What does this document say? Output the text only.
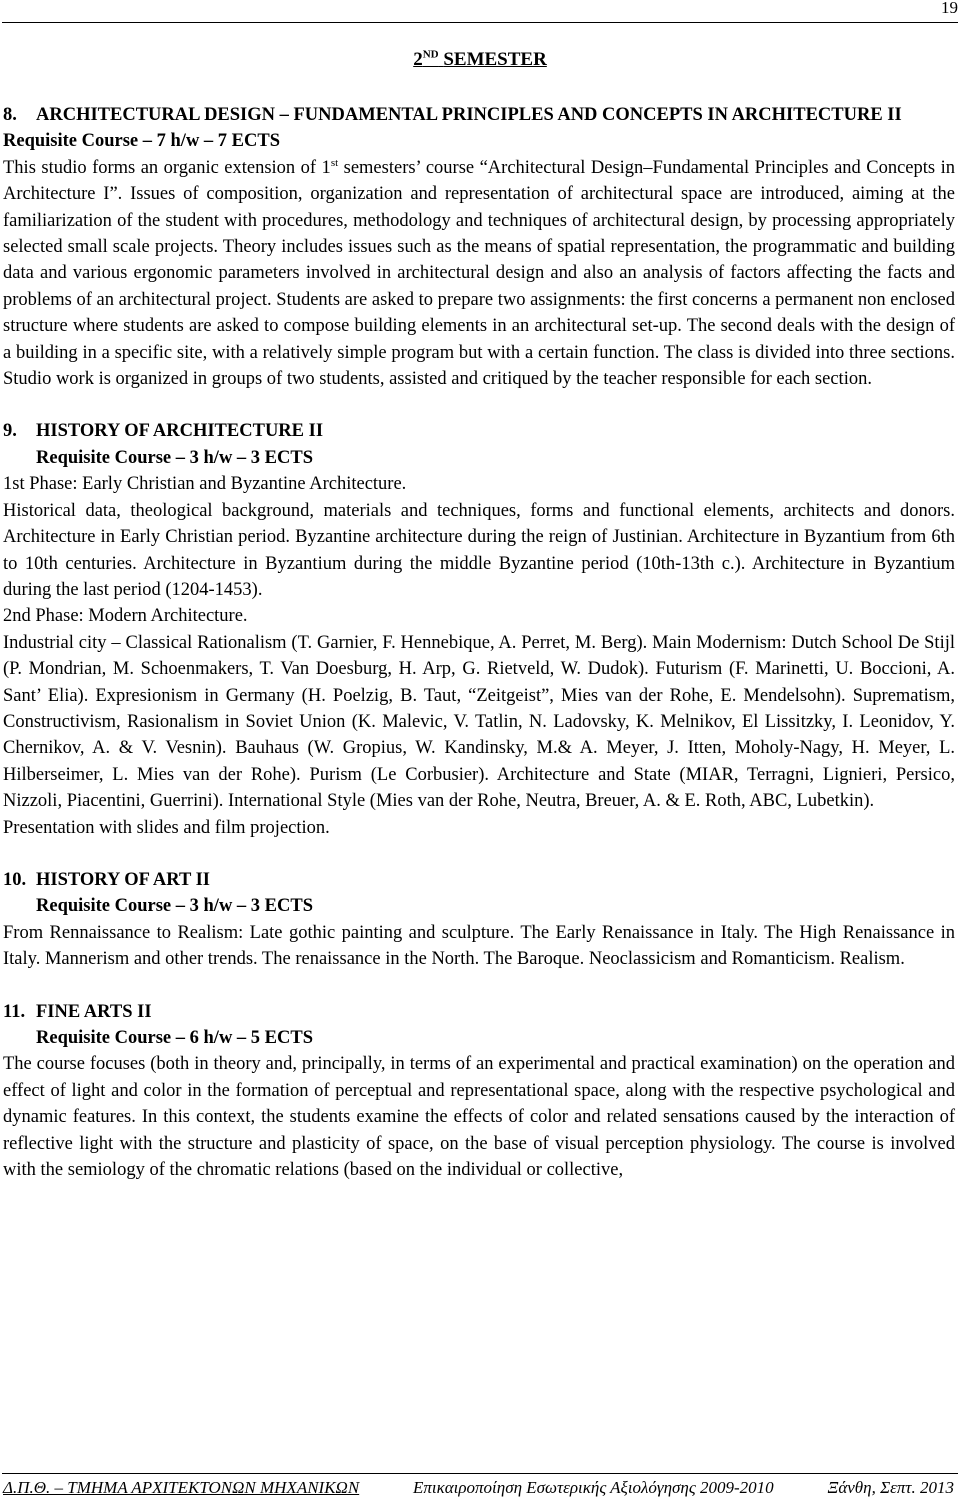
19
2ND SEMESTER
8. ARCHITECTURAL DESIGN – FUNDAMENTAL PRINCIPLES AND CONCEPTS IN ARCHITECTURE II
Requisite Course – 7 h/w – 7 ECTS

This studio forms an organic extension of 1st semesters’ course “Architectural Design–Fundamental Principles and Concepts in Architecture I”. Issues of composition, organization and representation of architectural space are introduced, aiming at the familiarization of the student with procedures, methodology and techniques of architectural design, by processing appropriately selected small scale projects. Theory includes issues such as the means of spatial representation, the programmatic and building data and various ergonomic parameters involved in architectural design and also an analysis of factors affecting the facts and problems of an architectural project. Students are asked to prepare two assignments: the first concerns a permanent non enclosed structure where students are asked to compose building elements in an architectural set-up. The second deals with the design of a building in a specific site, with a relatively simple program but with a certain function. The class is divided into three sections. Studio work is organized in groups of two students, assisted and critiqued by the teacher responsible for each section.

9. HISTORY OF ARCHITECTURE II
Requisite Course – 3 h/w – 3 ECTS

1st Phase: Early Christian and Byzantine Architecture.

Historical data, theological background, materials and techniques, forms and functional elements, architects and donors. Architecture in Early Christian period. Byzantine architecture during the reign of Justinian. Architecture in Byzantium from 6th to 10th centuries. Architecture in Byzantium during the middle Byzantine period (10th-13th c.). Architecture in Byzantium during the last period (1204-1453).

2nd Phase: Modern Architecture.

Industrial city – Classical Rationalism (T. Garnier, F. Hennebique, A. Perret, M. Berg). Main Modernism: Dutch School De Stijl (P. Mondrian, M. Schoenmakers, T. Van Doesburg, H. Arp, G. Rietveld, W. Dudok). Futurism (F. Marinetti, U. Boccioni, A. Sant’ Elia). Expresionism in Germany (H. Poelzig, B. Taut, “Zeitgeist”, Mies van der Rohe, E. Mendelsohn). Suprematism, Constructivism, Rasionalism in Soviet Union (K. Malevic, V. Tatlin, N. Ladovsky, K. Melnikov, El Lissitzky, I. Leonidov, Y. Chernikov, A. & V. Vesnin). Bauhaus (W. Gropius, W. Kandinsky, M.& A. Meyer, J. Itten, Moholy-Nagy, H. Meyer, L. Hilberseimer, L. Mies van der Rohe). Purism (Le Corbusier). Architecture and State (MIAR, Terragni, Lignieri, Persico, Nizzoli, Piacentini, Guerrini). International Style (Mies van der Rohe, Neutra, Breuer, A. & E. Roth, ABC, Lubetkin).

Presentation with slides and film projection.

10. HISTORY OF ART II
Requisite Course – 3 h/w – 3 ECTS

From Rennaissance to Realism: Late gothic painting and sculpture. The Early Renaissance in Italy. The High Renaissance in Italy. Mannerism and other trends. The renaissance in the North. The Baroque. Neoclassicism and Romanticism. Realism.

11. FINE ARTS II
Requisite Course – 6 h/w – 5 ECTS

The course focuses (both in theory and, principally, in terms of an experimental and practical examination) on the operation and effect of light and color in the formation of perceptual and representational space, along with the respective psychological and dynamic features. In this context, the students examine the effects of color and related sensations caused by the interaction of reflective light with the structure and plasticity of space, on the base of visual perception physiology. The course is involved with the semiology of the chromatic relations (based on the individual or collective,

Δ.Π.Θ. – ΤΜΗΜΑ ΑΡΧΙΤΕΚΤΟΝΩΝ ΜΗΧΑΝΙΚΩΝ	Επικαιροποίηση Εσωτερικής Αξιολόγησης 2009-2010	Ξάνθη, Σεπτ. 2013
